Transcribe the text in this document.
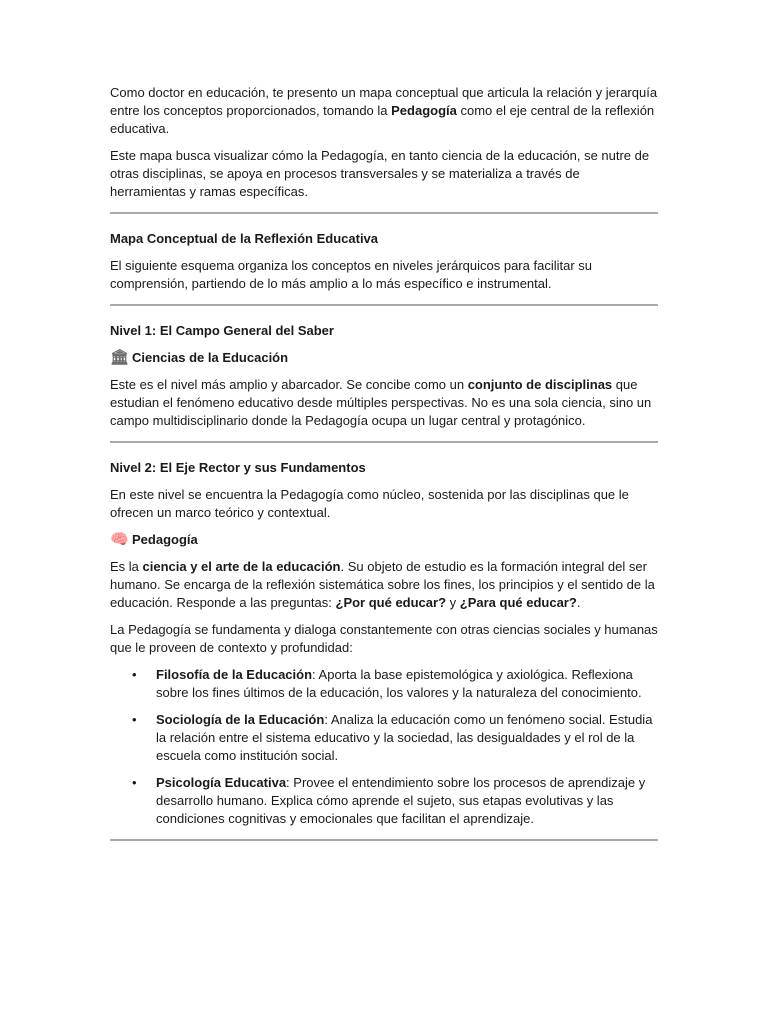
Como doctor en educación, te presento un mapa conceptual que articula la relación y jerarquía entre los conceptos proporcionados, tomando la Pedagogía como el eje central de la reflexión educativa.

Este mapa busca visualizar cómo la Pedagogía, en tanto ciencia de la educación, se nutre de otras disciplinas, se apoya en procesos transversales y se materializa a través de herramientas y ramas específicas.

Mapa Conceptual de la Reflexión Educativa

El siguiente esquema organiza los conceptos en niveles jerárquicos para facilitar su comprensión, partiendo de lo más amplio a lo más específico e instrumental.

Nivel 1: El Campo General del Saber
🏛 Ciencias de la Educación

Este es el nivel más amplio y abarcador. Se concibe como un conjunto de disciplinas que estudian el fenómeno educativo desde múltiples perspectivas. No es una sola ciencia, sino un campo multidisciplinario donde la Pedagogía ocupa un lugar central y protagónico.

Nivel 2: El Eje Rector y sus Fundamentos

En este nivel se encuentra la Pedagogía como núcleo, sostenida por las disciplinas que le ofrecen un marco teórico y contextual.

🧠 Pedagogía

Es la ciencia y el arte de la educación. Su objeto de estudio es la formación integral del ser humano. Se encarga de la reflexión sistemática sobre los fines, los principios y el sentido de la educación. Responde a las preguntas: ¿Por qué educar? y ¿Para qué educar?.

La Pedagogía se fundamenta y dialoga constantemente con otras ciencias sociales y humanas que le proveen de contexto y profundidad:

• Filosofía de la Educación: Aporta la base epistemológica y axiológica. Reflexiona sobre los fines últimos de la educación, los valores y la naturaleza del conocimiento.
• Sociología de la Educación: Analiza la educación como un fenómeno social. Estudia la relación entre el sistema educativo y la sociedad, las desigualdades y el rol de la escuela como institución social.
• Psicología Educativa: Provee el entendimiento sobre los procesos de aprendizaje y desarrollo humano. Explica cómo aprende el sujeto, sus etapas evolutivas y las condiciones cognitivas y emocionales que facilitan el aprendizaje.
